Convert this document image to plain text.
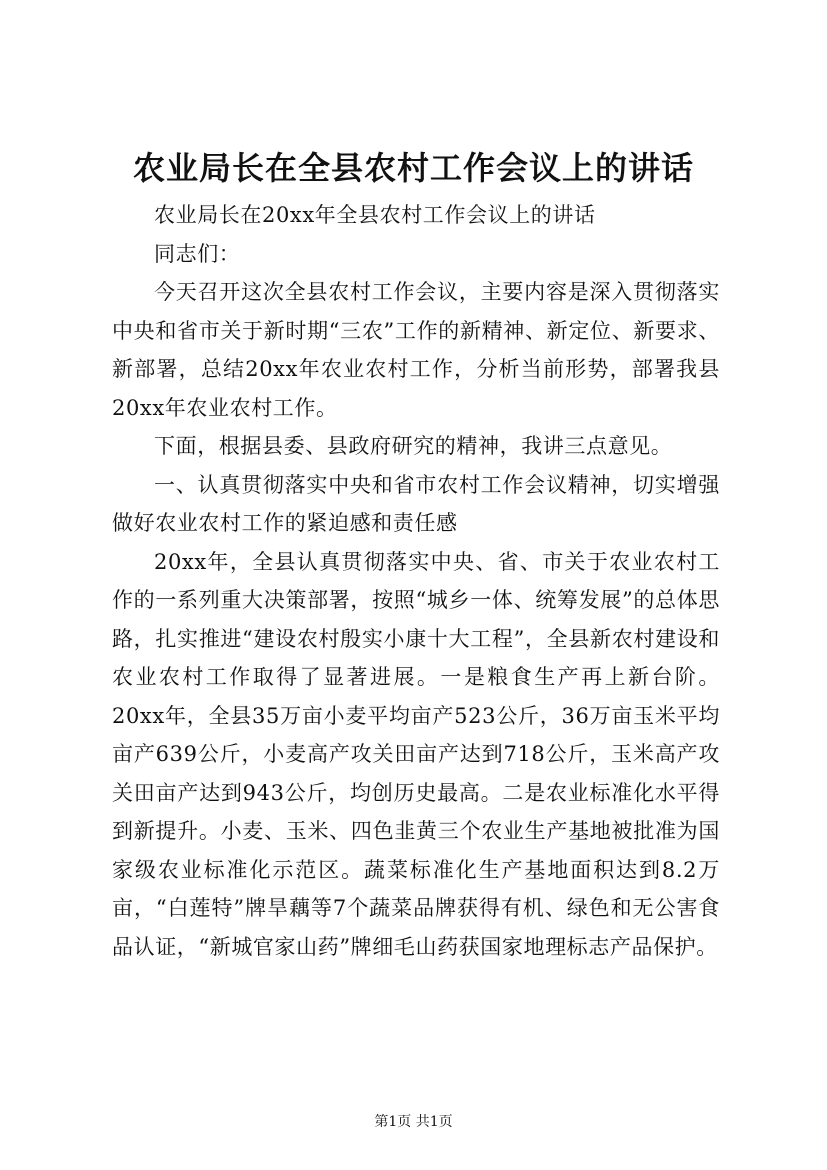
农业局长在全县农村工作会议上的讲话

农业局长在20xx年全县农村工作会议上的讲话

同志们：

今天召开这次全县农村工作会议，主要内容是深入贯彻落实中央和省市关于新时期“三农”工作的新精神、新定位、新要求、新部署，总结20xx年农业农村工作，分析当前形势，部署我县20xx年农业农村工作。

下面，根据县委、县政府研究的精神，我讲三点意见。

一、认真贯彻落实中央和省市农村工作会议精神，切实增强做好农业农村工作的紧迫感和责任感

20xx年，全县认真贯彻落实中央、省、市关于农业农村工作的一系列重大决策部署，按照“城乡一体、统筹发展”的总体思路，扎实推进“建设农村殷实小康十大工程”，全县新农村建设和农业农村工作取得了显著进展。一是粮食生产再上新台阶。20xx年，全县35万亩小麦平均亩产523公斤，36万亩玉米平均亩产639公斤，小麦高产攻关田亩产达到718公斤，玉米高产攻关田亩产达到943公斤，均创历史最高。二是农业标准化水平得到新提升。小麦、玉米、四色韭黄三个农业生产基地被批准为国家级农业标准化示范区。蔬菜标准化生产基地面积达到8.2万亩，“白莲特”牌旱藕等7个蔬菜品牌获得有机、绿色和无公害食品认证，“新城官家山药”牌细毛山药获国家地理标志产品保护。

第1页 共1页
